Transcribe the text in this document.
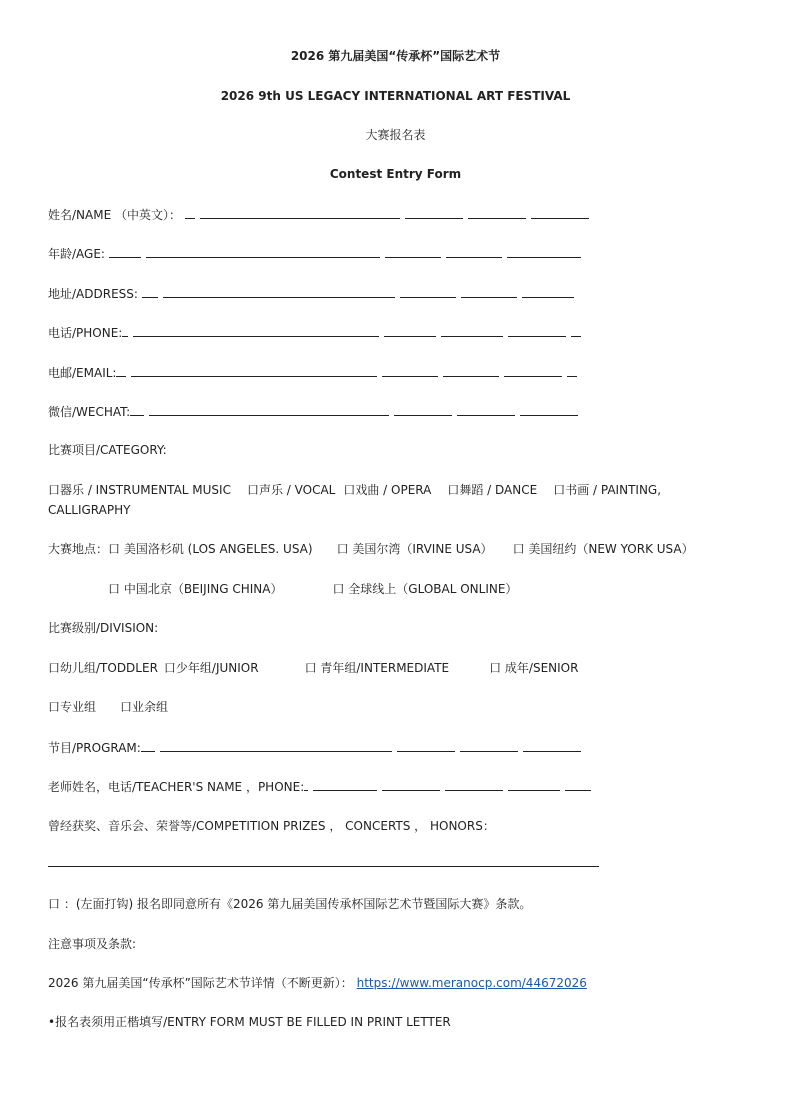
2026 第九届美国“传承杯”国际艺术节
2026 9th US LEGACY INTERNATIONAL ART FESTIVAL
大赛报名表
Contest Entry Form
姓名/NAME （中英文）：
年龄/AGE:
地址/ADDRESS:
电话/PHONE:
电邮/EMAIL:
微信/WECHAT:
比赛项目/CATEGORY:
口器乐 / INSTRUMENTAL MUSIC 口声乐 / VOCAL 口戏曲 / OPERA 口舞蹈 / DANCE 口书画 / PAINTING,
CALLIGRAPHY
大赛地点：口 美国洛杉矶 (LOS ANGELES. USA) 口 美国尔湾（IRVINE USA） 口 美国纽约（NEW YORK USA）
口 中国北京（BEIJING CHINA）	口 全球线上（GLOBAL ONLINE）
比赛级别/DIVISION:
口幼儿组/TODDLER 口少年组/JUNIOR	口 青年组/INTERMEDIATE	口 成年/SENIOR
口专业组 口业余组
节目/PROGRAM:
老师姓名，电话/TEACHER'S NAME ，PHONE:
曾经获奖、音乐会、荣誉等/COMPETITION PRIZES ， CONCERTS ， HONORS：
口 ：(左面打钩) 报名即同意所有《2026 第九届美国传承杯国际艺术节暨国际大赛》条款。
注意事项及条款:
2026 第九届美国“传承杯”国际艺术节详情（不断更新）： https://www.meranocp.com/44672026
•报名表须用正楷填写/ENTRY FORM MUST BE FILLED IN PRINT LETTER
